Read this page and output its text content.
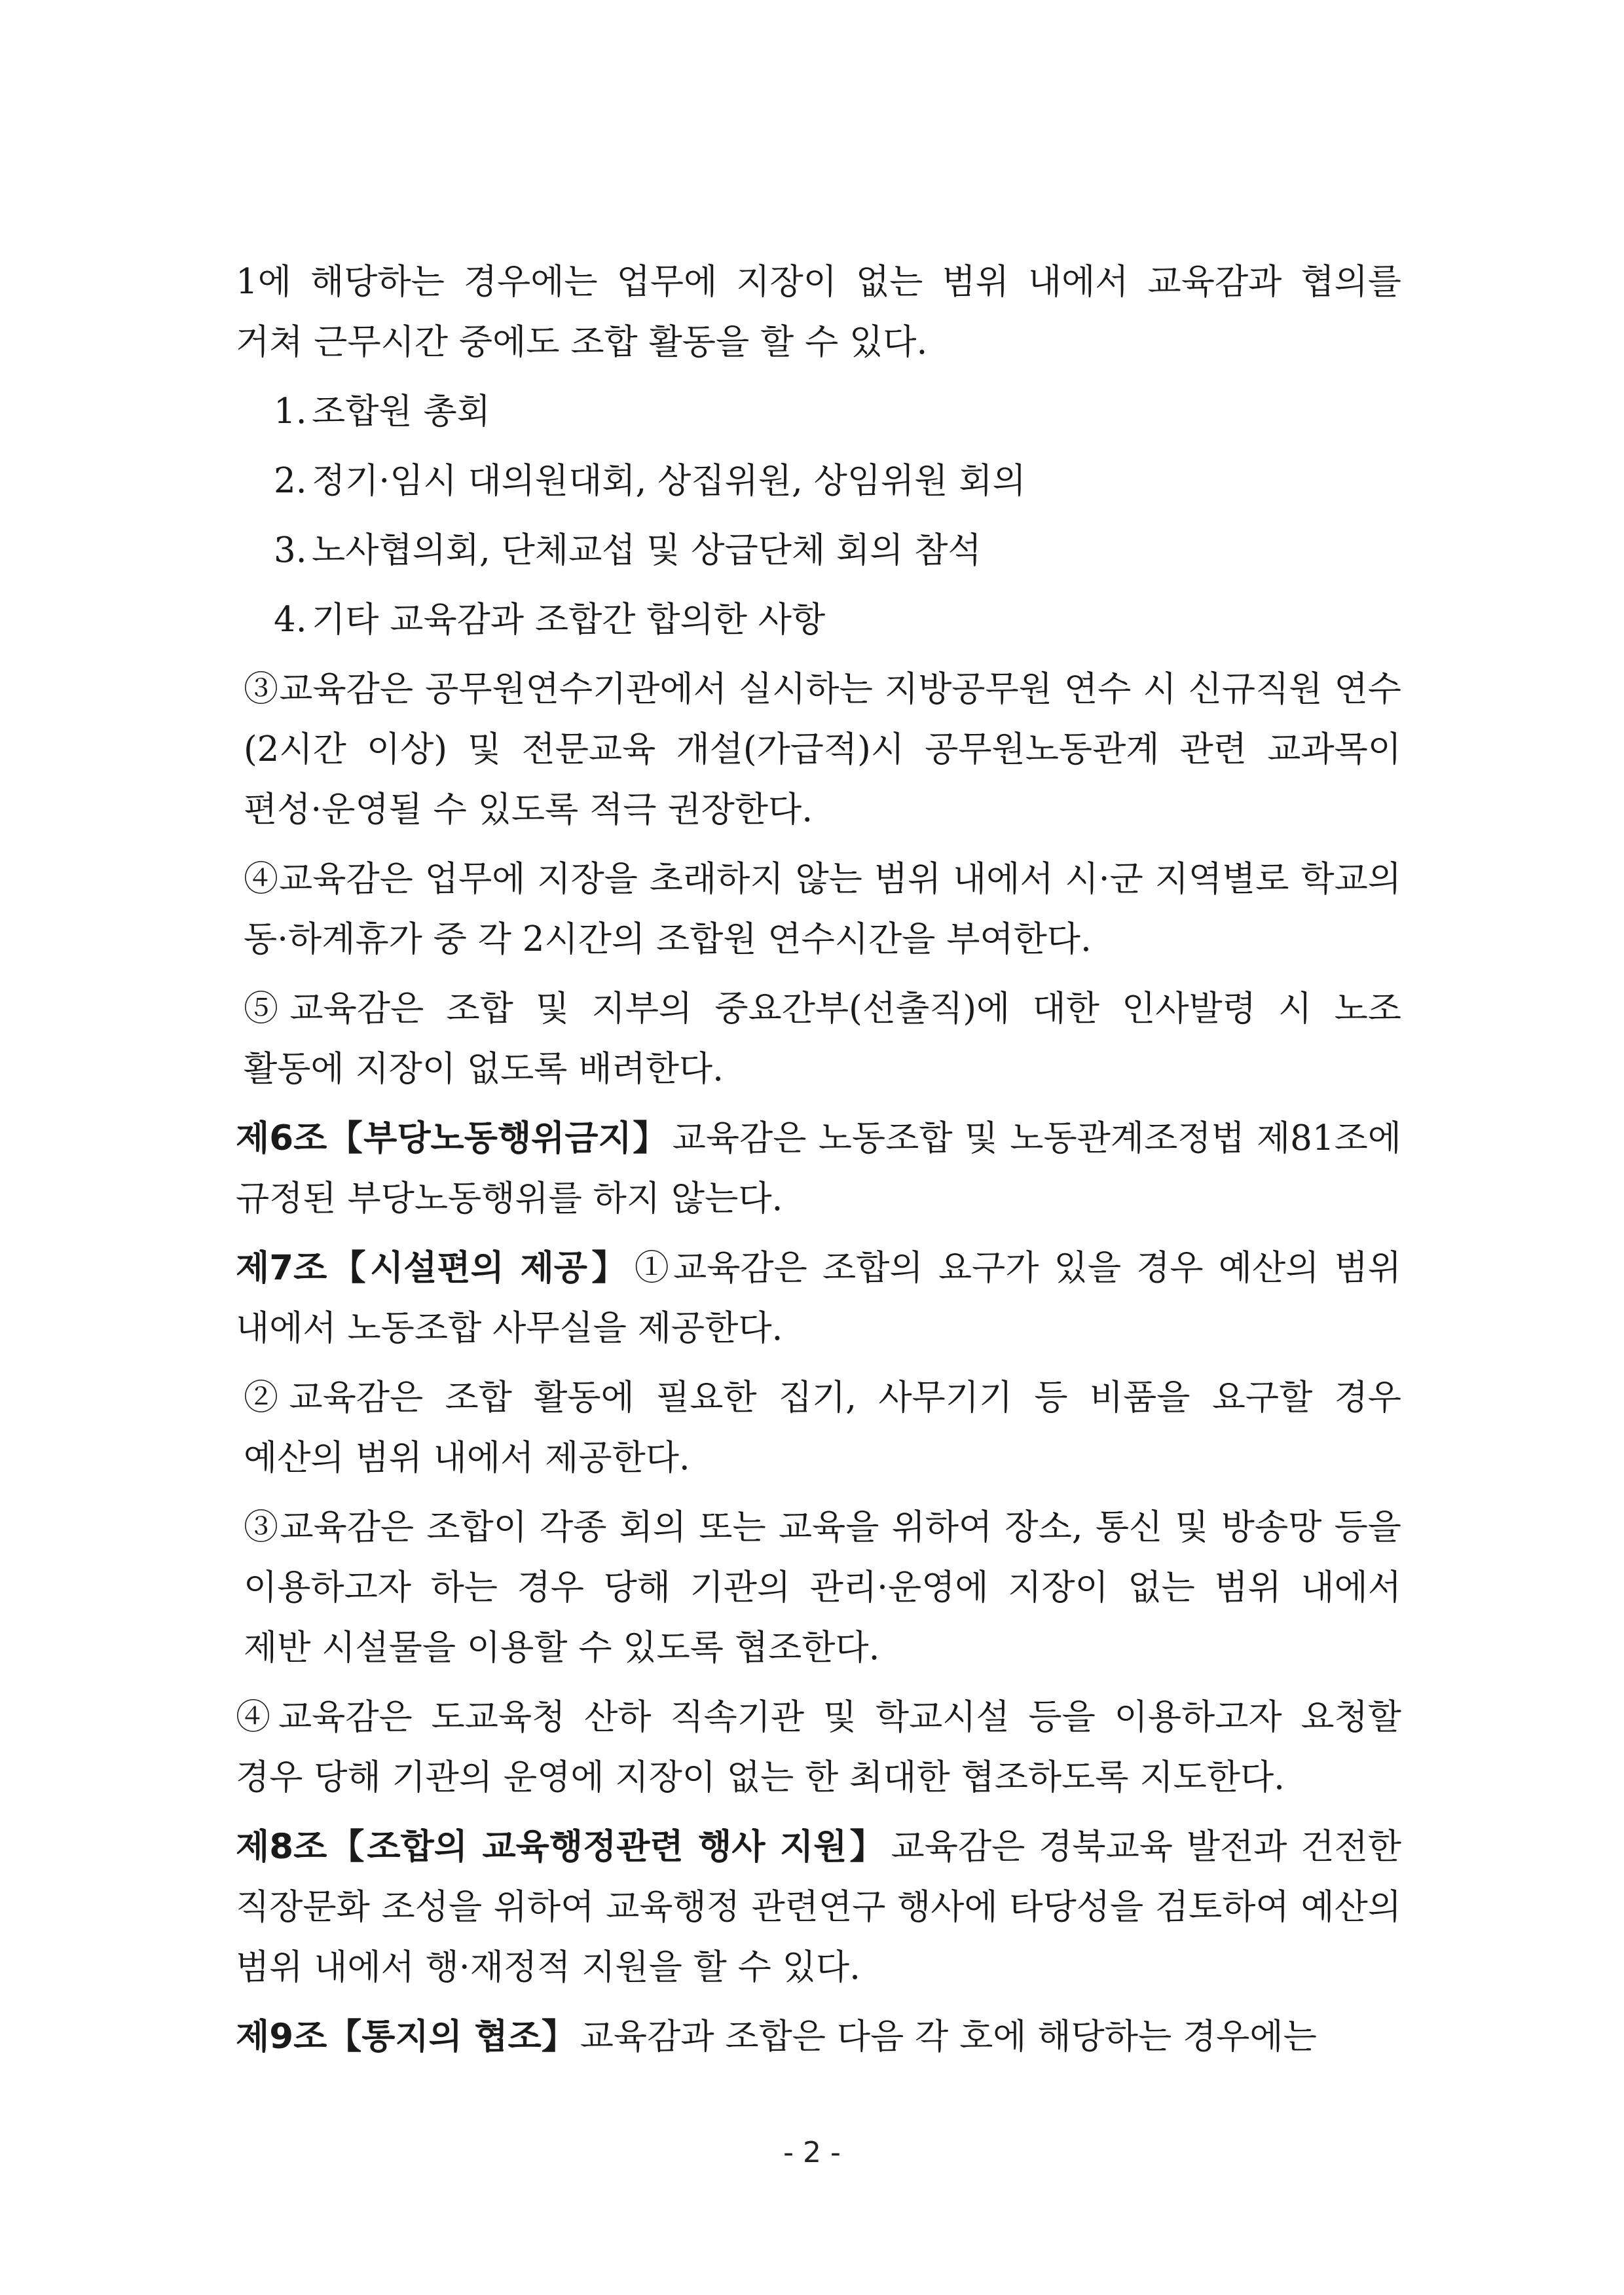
1에 해당하는 경우에는 업무에 지장이 없는 범위 내에서 교육감과 협의를 거쳐 근무시간 중에도 조합 활동을 할 수 있다.

1. 조합원 총회
2. 정기·임시 대의원대회, 상집위원, 상임위원 회의
3. 노사협의회, 단체교섭 및 상급단체 회의 참석
4. 기타 교육감과 조합간 합의한 사항

③교육감은 공무원연수기관에서 실시하는 지방공무원 연수 시 신규직원 연수(2시간 이상) 및 전문교육 개설(가급적)시 공무원노동관계 관련 교과목이 편성·운영될 수 있도록 적극 권장한다.

④교육감은 업무에 지장을 초래하지 않는 범위 내에서 시·군 지역별로 학교의 동·하계휴가 중 각 2시간의 조합원 연수시간을 부여한다.

⑤교육감은 조합 및 지부의 중요간부(선출직)에 대한 인사발령 시 노조 활동에 지장이 없도록 배려한다.

제6조【부당노동행위금지】 교육감은 노동조합 및 노동관계조정법 제81조에 규정된 부당노동행위를 하지 않는다.

제7조【시설편의 제공】 ①교육감은 조합의 요구가 있을 경우 예산의 범위 내에서 노동조합 사무실을 제공한다.

②교육감은 조합 활동에 필요한 집기, 사무기기 등 비품을 요구할 경우 예산의 범위 내에서 제공한다.

③교육감은 조합이 각종 회의 또는 교육을 위하여 장소, 통신 및 방송망 등을 이용하고자 하는 경우 당해 기관의 관리·운영에 지장이 없는 범위 내에서 제반 시설물을 이용할 수 있도록 협조한다.

④교육감은 도교육청 산하 직속기관 및 학교시설 등을 이용하고자 요청할 경우 당해 기관의 운영에 지장이 없는 한 최대한 협조하도록 지도한다.

제8조【조합의 교육행정관련 행사 지원】 교육감은 경북교육 발전과 건전한 직장문화 조성을 위하여 교육행정 관련연구 행사에 타당성을 검토하여 예산의 범위 내에서 행·재정적 지원을 할 수 있다.

제9조【통지의 협조】 교육감과 조합은 다음 각 호에 해당하는 경우에는

- 2 -
